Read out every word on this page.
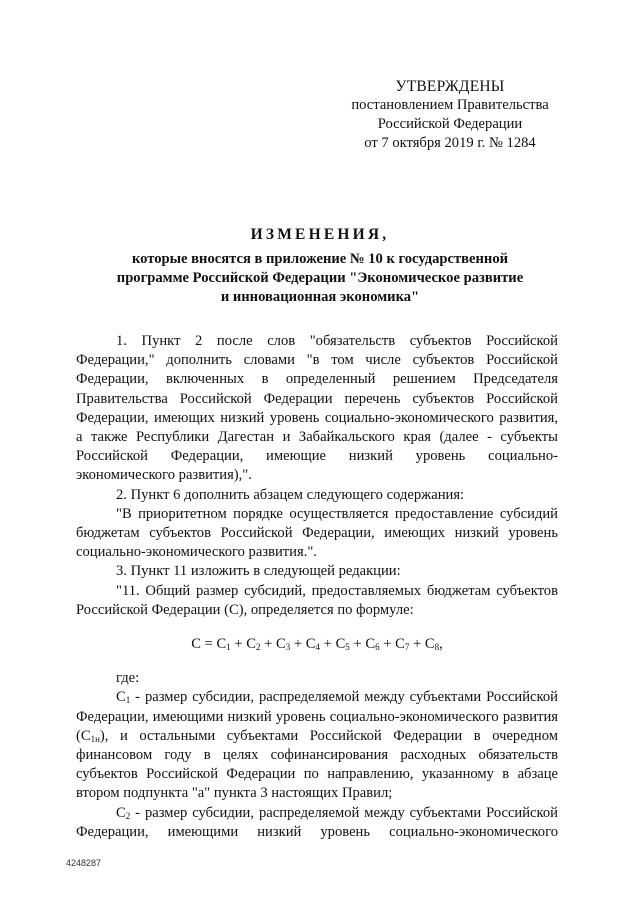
УТВЕРЖДЕНЫ
постановлением Правительства
Российской Федерации
от 7 октября 2019 г. № 1284
ИЗМЕНЕНИЯ,
которые вносятся в приложение № 10 к государственной
программе Российской Федерации "Экономическое развитие
и инновационная экономика"

1. Пункт 2 после слов "обязательств субъектов Российской Федерации," дополнить словами "в том числе субъектов Российской Федерации, включенных в определенный решением Председателя Правительства Российской Федерации перечень субъектов Российской Федерации, имеющих низкий уровень социально-экономического развития, а также Республики Дагестан и Забайкальского края (далее - субъекты Российской Федерации, имеющие низкий уровень социально-экономического развития),".

2. Пункт 6 дополнить абзацем следующего содержания:

"В приоритетном порядке осуществляется предоставление субсидий бюджетам субъектов Российской Федерации, имеющих низкий уровень социально-экономического развития.".

3. Пункт 11 изложить в следующей редакции:

"11. Общий размер субсидий, предоставляемых бюджетам субъектов Российской Федерации (С), определяется по формуле:

$С = С_1 + С_2 + С_3 + С_4 + С_5 + С_6 + С_7 + С_8$,

где:

$С_1$ - размер субсидии, распределяемой между субъектами Российской Федерации, имеющими низкий уровень социально-экономического развития $(С_{1н})$, и остальными субъектами Российской Федерации в очередном финансовом году в целях софинансирования расходных обязательств субъектов Российской Федерации по направлению, указанному в абзаце втором подпункта "а" пункта 3 настоящих Правил;

$С_2$ - размер субсидии, распределяемой между субъектами Российской Федерации, имеющими низкий уровень социально-экономического

4248287
